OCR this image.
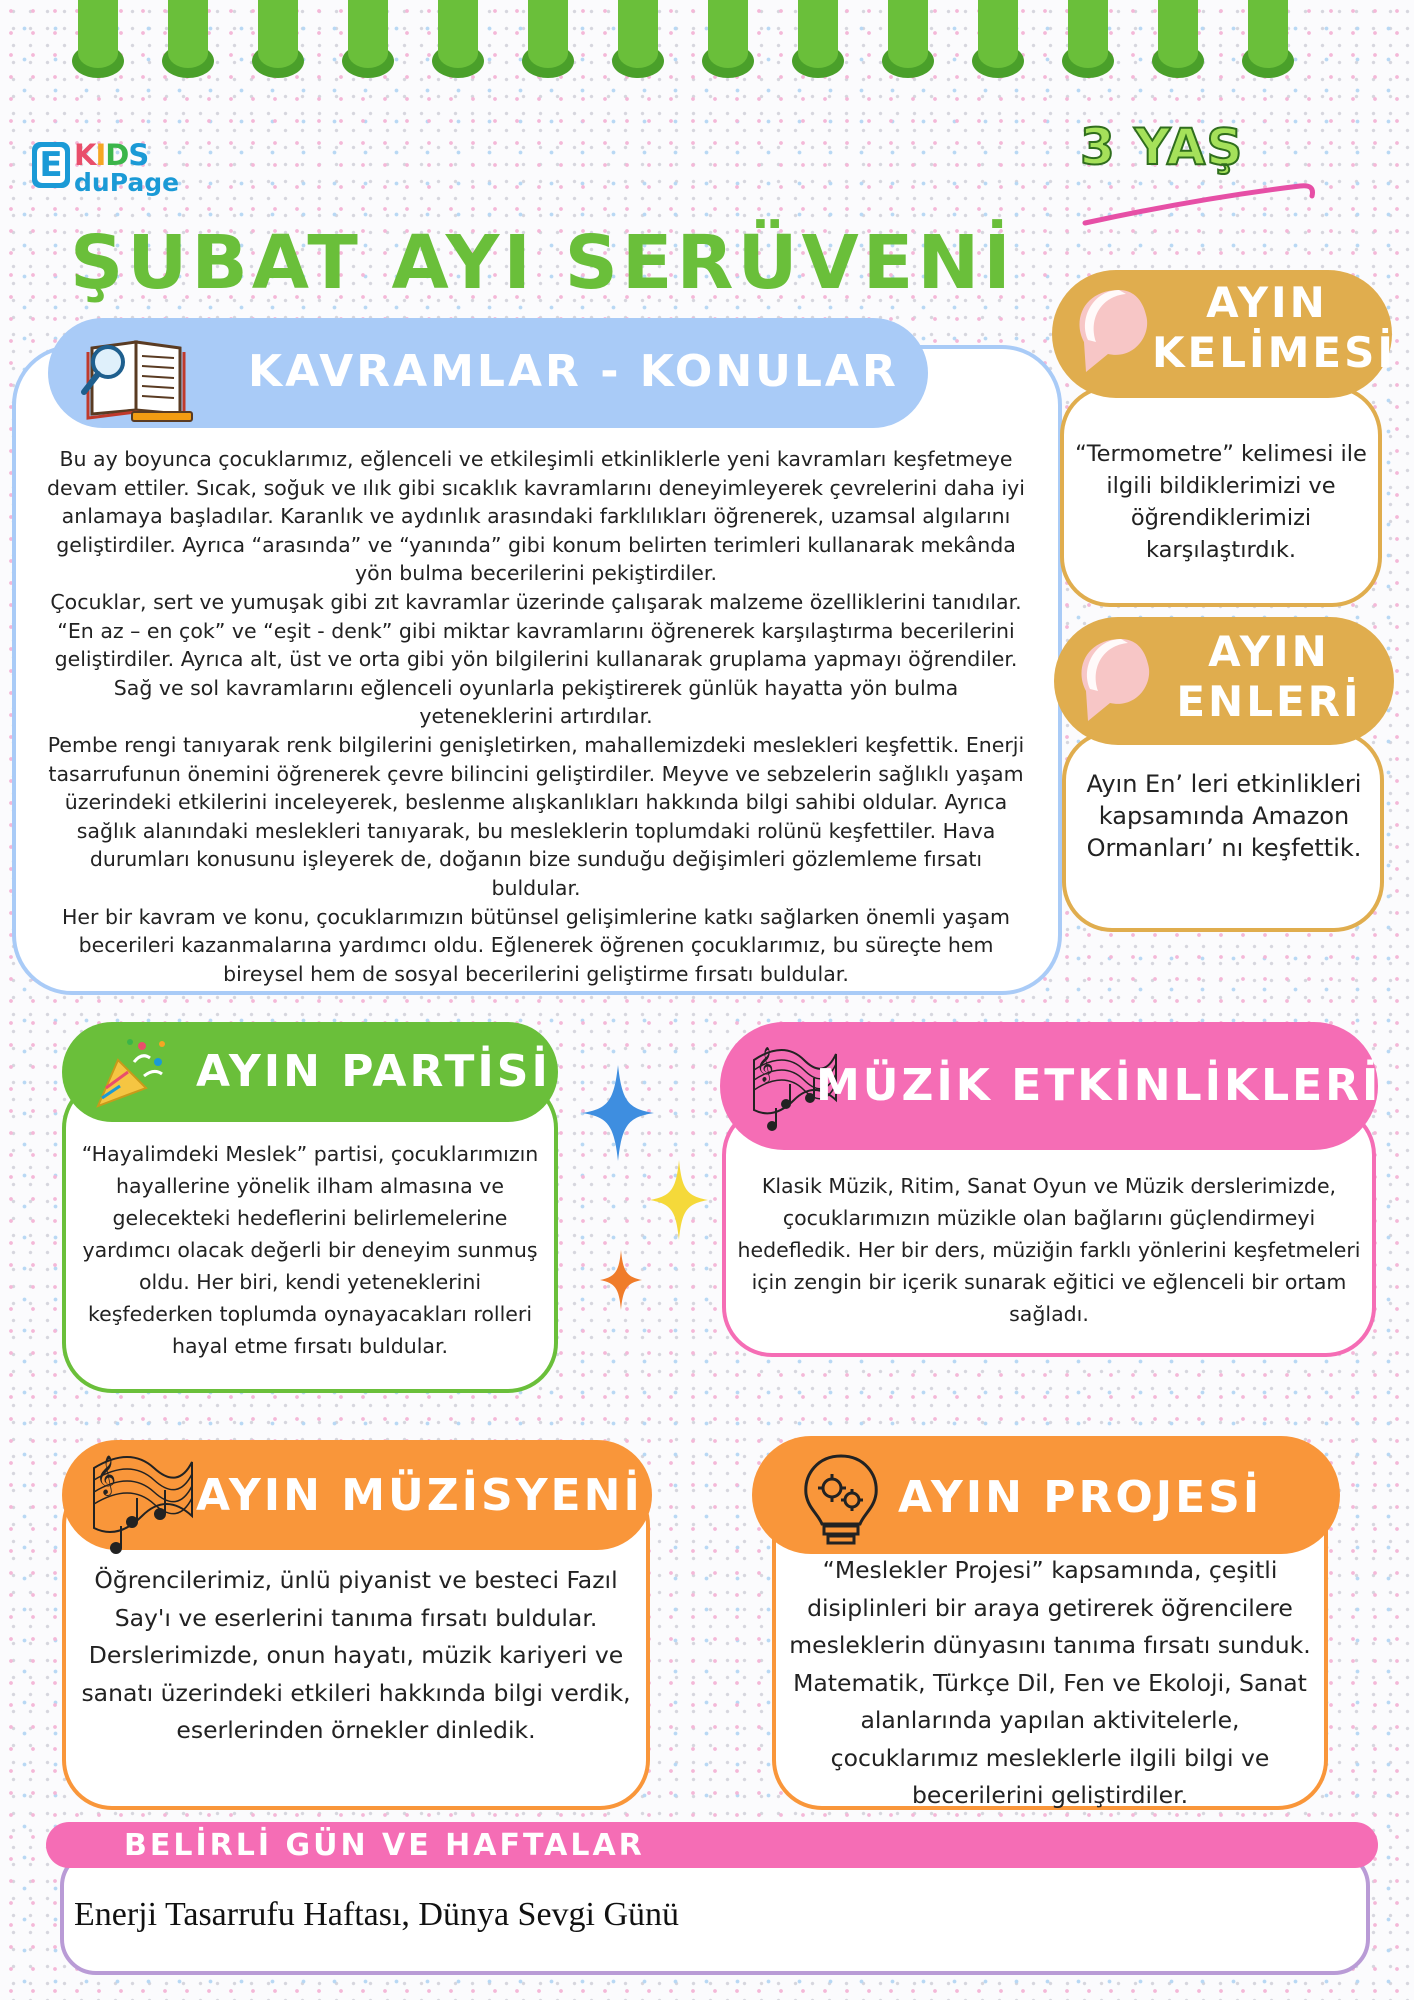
E KIDS
duPage
3 YAŞ
ŞUBAT AYI SERÜVENİ
KAVRAMLAR - KONULAR
Bu ay boyunca çocuklarımız, eğlenceli ve etkileşimli etkinliklerle yeni kavramları keşfetmeye devam ettiler. Sıcak, soğuk ve ılık gibi sıcaklık kavramlarını deneyimleyerek çevrelerini daha iyi anlamaya başladılar. Karanlık ve aydınlık arasındaki farklılıkları öğrenerek, uzamsal algılarını geliştirdiler. Ayrıca “arasında” ve “yanında” gibi konum belirten terimleri kullanarak mekânda yön bulma becerilerini pekiştirdiler.
Çocuklar, sert ve yumuşak gibi zıt kavramlar üzerinde çalışarak malzeme özelliklerini tanıdılar. “En az – en çok” ve “eşit - denk” gibi miktar kavramlarını öğrenerek karşılaştırma becerilerini geliştirdiler. Ayrıca alt, üst ve orta gibi yön bilgilerini kullanarak gruplama yapmayı öğrendiler. Sağ ve sol kavramlarını eğlenceli oyunlarla pekiştirerek günlük hayatta yön bulma yeteneklerini artırdılar.
Pembe rengi tanıyarak renk bilgilerini genişletirken, mahallemizdeki meslekleri keşfettik. Enerji tasarrufunun önemini öğrenerek çevre bilincini geliştirdiler. Meyve ve sebzelerin sağlıklı yaşam üzerindeki etkilerini inceleyerek, beslenme alışkanlıkları hakkında bilgi sahibi oldular. Ayrıca sağlık alanındaki meslekleri tanıyarak, bu mesleklerin toplumdaki rolünü keşfettiler. Hava durumları konusunu işleyerek de, doğanın bize sunduğu değişimleri gözlemleme fırsatı buldular.
Her bir kavram ve konu, çocuklarımızın bütünsel gelişimlerine katkı sağlarken önemli yaşam becerileri kazanmalarına yardımcı oldu. Eğlenerek öğrenen çocuklarımız, bu süreçte hem bireysel hem de sosyal becerilerini geliştirme fırsatı buldular.
AYIN
KELİMESİ
“Termometre” kelimesi ile ilgili bildiklerimizi ve öğrendiklerimizi karşılaştırdık.
AYIN
ENLERİ
Ayın En’ leri etkinlikleri kapsamında Amazon Ormanları’ nı keşfettik.
AYIN PARTİSİ
“Hayalimdeki Meslek” partisi, çocuklarımızın hayallerine yönelik ilham almasına ve gelecekteki hedeflerini belirlemelerine yardımcı olacak değerli bir deneyim sunmuş oldu. Her biri, kendi yeteneklerini keşfederken toplumda oynayacakları rolleri hayal etme fırsatı buldular.
𝄞 MÜZİK ETKİNLİKLERİ
Klasik Müzik, Ritim, Sanat Oyun ve Müzik derslerimizde, çocuklarımızın müzikle olan bağlarını güçlendirmeyi hedefledik. Her bir ders, müziğin farklı yönlerini keşfetmeleri için zengin bir içerik sunarak eğitici ve eğlenceli bir ortam sağladı.
𝄞 AYIN MÜZİSYENİ
Öğrencilerimiz, ünlü piyanist ve besteci Fazıl Say'ı ve eserlerini tanıma fırsatı buldular. Derslerimizde, onun hayatı, müzik kariyeri ve sanatı üzerindeki etkileri hakkında bilgi verdik, eserlerinden örnekler dinledik.
AYIN PROJESİ
“Meslekler Projesi” kapsamında, çeşitli disiplinleri bir araya getirerek öğrencilere mesleklerin dünyasını tanıma fırsatı sunduk. Matematik, Türkçe Dil, Fen ve Ekoloji, Sanat alanlarında yapılan aktivitelerle, çocuklarımız mesleklerle ilgili bilgi ve becerilerini geliştirdiler.
BELİRLİ GÜN VE HAFTALAR
Enerji Tasarrufu Haftası, Dünya Sevgi Günü
